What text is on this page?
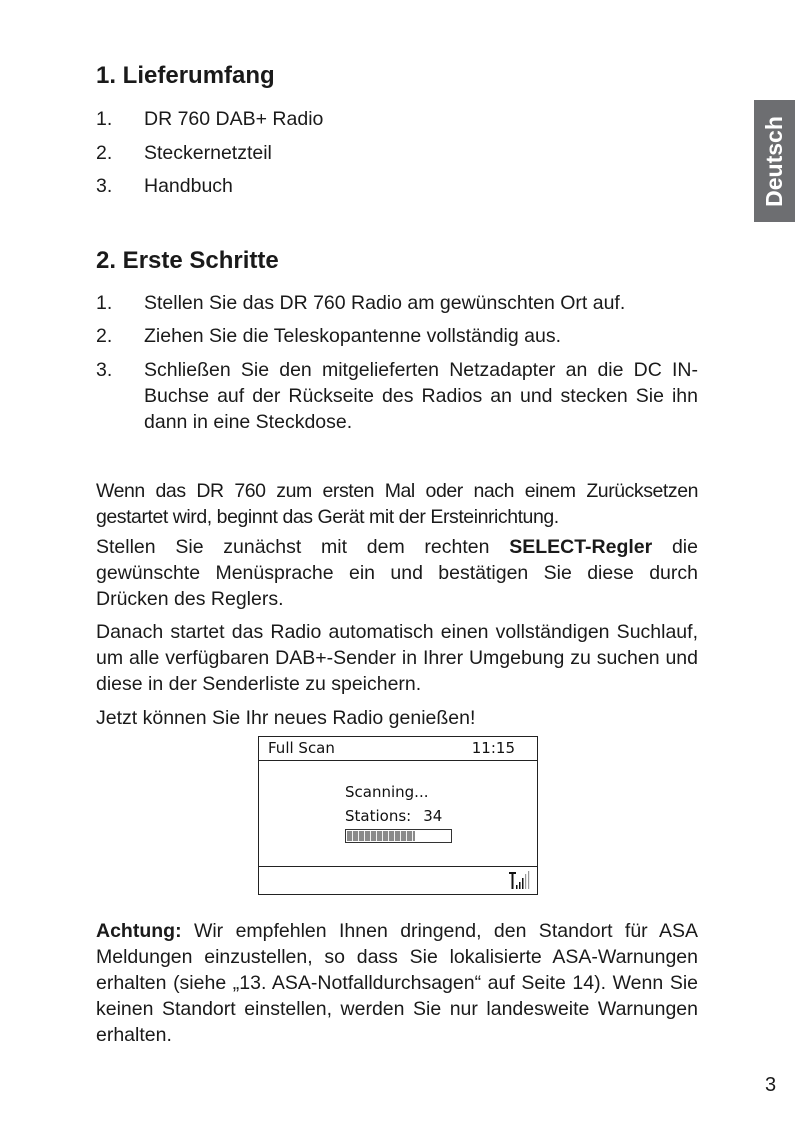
Deutsch
1. Lieferumfang
1. DR 760 DAB+ Radio
2. Steckernetzteil
3. Handbuch
2. Erste Schritte
1. Stellen Sie das DR 760 Radio am gewünschten Ort auf.
2. Ziehen Sie die Teleskopantenne vollständig aus.
3. Schließen Sie den mitgelieferten Netzadapter an die DC IN-Buchse auf der Rückseite des Radios an und stecken Sie ihn dann in eine Steckdose.

Wenn das DR 760 zum ersten Mal oder nach einem Zurücksetzen gestartet wird, beginnt das Gerät mit der Ersteinrichtung.

Stellen Sie zunächst mit dem rechten SELECT-Regler die gewünschte Menüsprache ein und bestätigen Sie diese durch Drücken des Reglers.

Danach startet das Radio automatisch einen vollständigen Suchlauf, um alle verfügbaren DAB+-Sender in Ihrer Umgebung zu suchen und diese in der Senderliste zu speichern.

Jetzt können Sie Ihr neues Radio genießen!

Full Scan	11:15
Scanning...
Stations: 34

Achtung: Wir empfehlen Ihnen dringend, den Standort für ASA Meldungen einzustellen, so dass Sie lokalisierte ASA-Warnungen erhalten (siehe „13. ASA-Notfalldurchsagen“ auf Seite 14). Wenn Sie keinen Standort einstellen, werden Sie nur landesweite Warnungen erhalten.

3
